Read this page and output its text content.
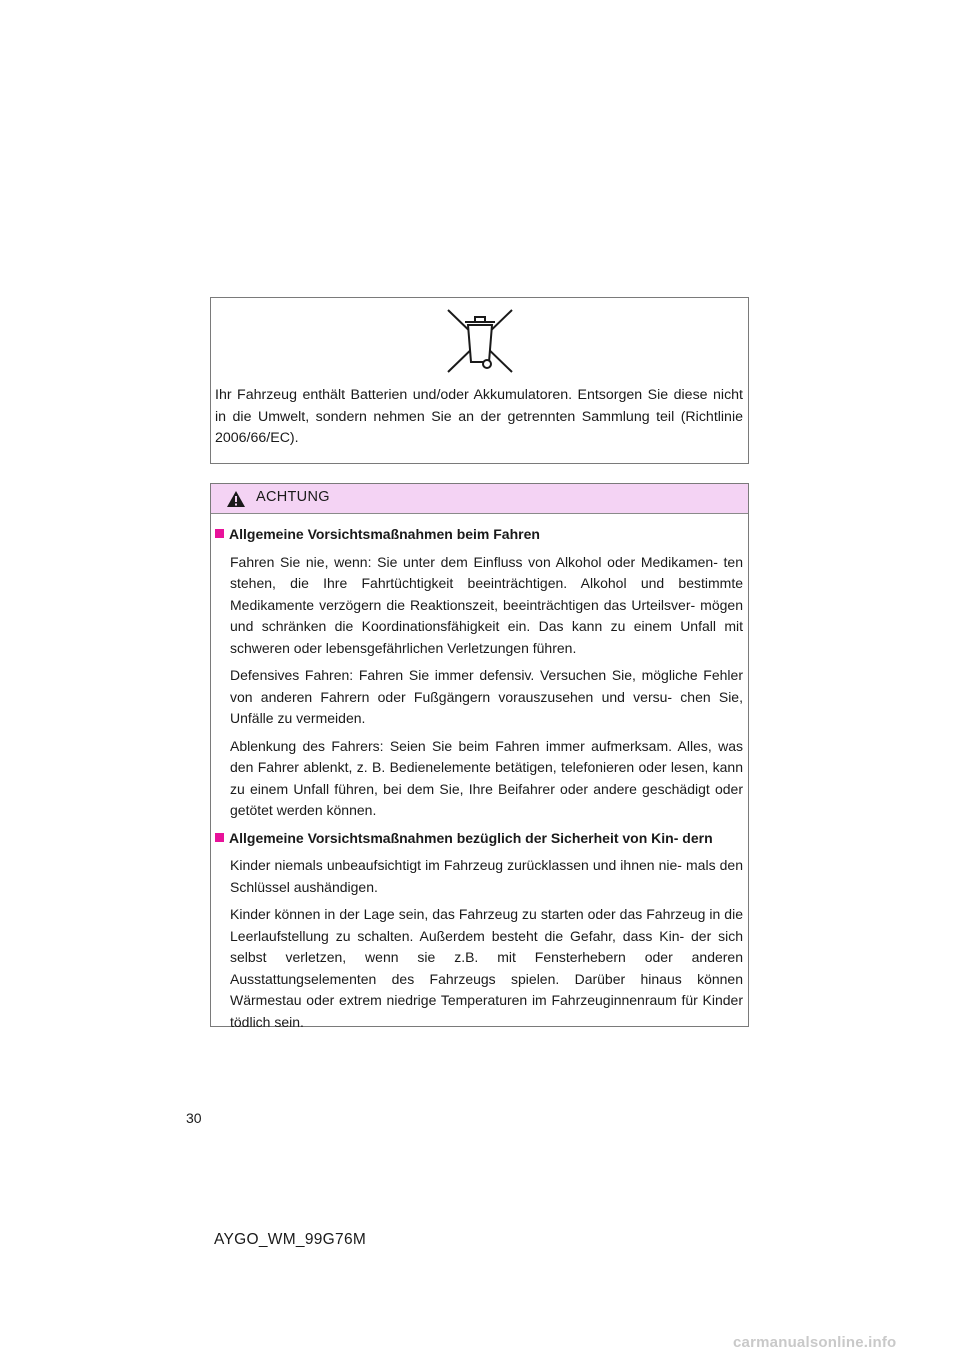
Ihr Fahrzeug enthält Batterien und/oder Akkumulatoren. Entsorgen Sie diese nicht in die Umwelt, sondern nehmen Sie an der getrennten Sammlung teil (Richtlinie 2006/66/EC).
ACHTUNG
Allgemeine Vorsichtsmaßnahmen beim Fahren

Fahren Sie nie, wenn: Sie unter dem Einfluss von Alkohol oder Medikamen- ten stehen, die Ihre Fahrtüchtigkeit beeinträchtigen. Alkohol und bestimmte Medikamente verzögern die Reaktionszeit, beeinträchtigen das Urteilsver- mögen und schränken die Koordinationsfähigkeit ein. Das kann zu einem Unfall mit schweren oder lebensgefährlichen Verletzungen führen.

Defensives Fahren: Fahren Sie immer defensiv. Versuchen Sie, mögliche Fehler von anderen Fahrern oder Fußgängern vorauszusehen und versu- chen Sie, Unfälle zu vermeiden.

Ablenkung des Fahrers: Seien Sie beim Fahren immer aufmerksam. Alles, was den Fahrer ablenkt, z. B. Bedienelemente betätigen, telefonieren oder lesen, kann zu einem Unfall führen, bei dem Sie, Ihre Beifahrer oder andere geschädigt oder getötet werden können.

Allgemeine Vorsichtsmaßnahmen bezüglich der Sicherheit von Kin- dern

Kinder niemals unbeaufsichtigt im Fahrzeug zurücklassen und ihnen nie- mals den Schlüssel aushändigen.

Kinder können in der Lage sein, das Fahrzeug zu starten oder das Fahrzeug in die Leerlaufstellung zu schalten. Außerdem besteht die Gefahr, dass Kin- der sich selbst verletzen, wenn sie z.B. mit Fensterhebern oder anderen Ausstattungselementen des Fahrzeugs spielen. Darüber hinaus können Wärmestau oder extrem niedrige Temperaturen im Fahrzeuginnenraum für Kinder tödlich sein.

30
AYGO_WM_99G76M
carmanualsonline.info
